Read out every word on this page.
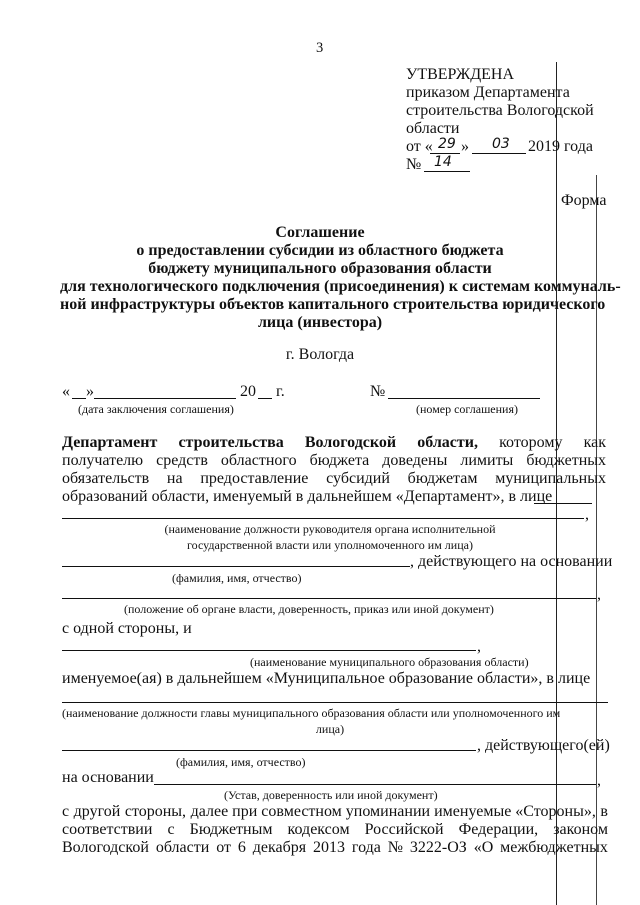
3
УТВЕРЖДЕНА
приказом Департамента
строительства Вологодской
области
от « 29 » 03 2019 года
№ 14
Форма
Соглашение
о предоставлении субсидии из областного бюджета
бюджету муниципального образования области
для технологического подключения (присоединения) к системам коммуналь-
ной инфраструктуры объектов капитального строительства юридического
лица (инвестора)
г. Вологда
« »	20 г.	№
(дата заключения соглашения)	(номер соглашения)
Департамент строительства Вологодской области, которому как
получателю средств областного бюджета доведены лимиты бюджетных
обязательств на предоставление субсидий бюджетам муниципальных
образований области, именуемый в дальнейшем «Департамент», в лице
,
(наименование должности руководителя органа исполнительной
государственной власти или уполномоченного им лица)
, действующего на основании
(фамилия, имя, отчество)
,
(положение об органе власти, доверенность, приказ или иной документ)
с одной стороны, и
,
(наименование муниципального образования области)
именуемое(ая) в дальнейшем «Муниципальное образование области», в лице
(наименование должности главы муниципального образования области или уполномоченного им
лица)
, действующего(ей)
(фамилия, имя, отчество)
на основании	,
(Устав, доверенность или иной документ)
с другой стороны, далее при совместном упоминании именуемые «Стороны», в
соответствии с Бюджетным кодексом Российской Федерации, законом
Вологодской области от 6 декабря 2013 года № 3222-ОЗ «О межбюджетных
